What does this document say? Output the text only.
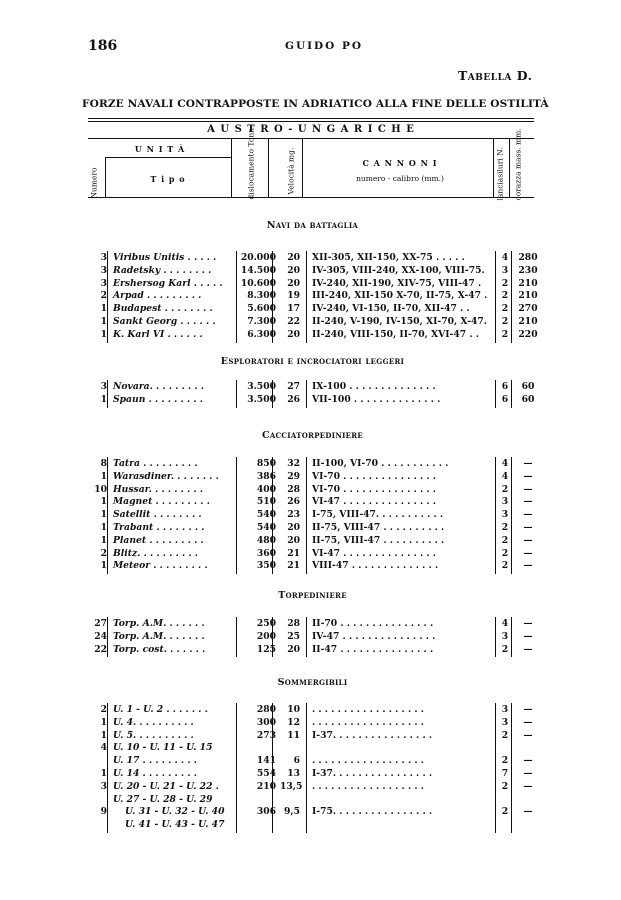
186	GUIDO PO
Tabella D.
FORZE NAVALI CONTRAPPOSTE IN ADRIATICO ALLA FINE DELLE OSTILITÀ
A U S T R O - U N G A R I C H E
U N I T À
T i p o
Numero	dislocamento Tonn.	Velocità mg.	C A N N O N I
numero - calibro (mm.)	lanciasiluri N. corazza mass. mm.
Navi da battaglia
3 Viribus Unitis . . . . .	20.000	20 XII-305, XII-150, XX-75 . . . . .	4	280
3 Radetsky . . . . . . . .	14.500	20 IV-305, VIII-240, XX-100, VIII-75.	3	230
3 Ershersog Karl . . . . .	10.600	20 IV-240, XII-190, XIV-75, VIII-47 .	2	210
2 Arpad . . . . . . . . .	8.300	19 III-240, XII-150 X-70, II-75, X-47 .	2	210
1 Budapest . . . . . . . .	5.600	17 IV-240, VI-150, II-70, XII-47 . .	2	270
1 Sankt Georg . . . . . .	7.300	22 II-240, V-190, IV-150, XI-70, X-47.	2	210
1 K. Karl VI . . . . . .	6.300	20 II-240, VIII-150, II-70, XVI-47 . .	2	220
Esploratori e incrociatori leggeri
3 Novara. . . . . . . . .	3.500	27 IX-100 . . . . . . . . . . . . . .	6	60
1 Spaun . . . . . . . . .	3.500	26 VII-100 . . . . . . . . . . . . . .	6	60
Cacciatorpediniere
8 Tatra . . . . . . . . .	850	32 II-100, VI-70 . . . . . . . . . . .	4	—
1 Warasdiner. . . . . . . .	386	29 VI-70 . . . . . . . . . . . . . . .	4	—
10 Hussar. . . . . . . . .	400	28 VI-70 . . . . . . . . . . . . . . .	2	—
1 Magnet . . . . . . . . .	510	26 VI-47 . . . . . . . . . . . . . . .	3	—
1 Satellit . . . . . . . .	540	23 I-75, VIII-47. . . . . . . . . . .	3	—
1 Trabant . . . . . . . .	540	20 II-75, VIII-47 . . . . . . . . . .	2	—
1 Planet . . . . . . . . .	480	20 II-75, VIII-47 . . . . . . . . . .	2	—
2 Blitz. . . . . . . . . .	360	21 VI-47 . . . . . . . . . . . . . . .	2	—
1 Meteor . . . . . . . . .	350	21 VIII-47 . . . . . . . . . . . . . .	2	—
Torpediniere
27 Torp. A.M. . . . . . .	250	28 II-70 . . . . . . . . . . . . . . .	4	—
24 Torp. A.M. . . . . . .	200	25 IV-47 . . . . . . . . . . . . . . .	3	—
22 Torp. cost. . . . . . .	125	20 II-47 . . . . . . . . . . . . . . .	2	—
Sommergibili
2 U. 1 - U. 2 . . . . . . .	280	10 . . . . . . . . . . . . . . . . . .	3	—
1 U. 4. . . . . . . . . .	300	12 . . . . . . . . . . . . . . . . . .	3	—
1 U. 5. . . . . . . . . .	273	11 I-37. . . . . . . . . . . . . . . .	2	—
4 U. 10 - U. 11 - U. 15
U. 17 . . . . . . . . .	141	6 . . . . . . . . . . . . . . . . . .	2	—
1 U. 14 . . . . . . . . .	554	13 I-37. . . . . . . . . . . . . . . .	7	—
3 U. 20 - U. 21 - U. 22 .	210 13,5 . . . . . . . . . . . . . . . . . .	2	—
U. 27 - U. 28 - U. 29
9 U. 31 - U. 32 - U. 40	306 9,5 I-75. . . . . . . . . . . . . . . .	2	—
U. 41 - U. 43 - U. 47
